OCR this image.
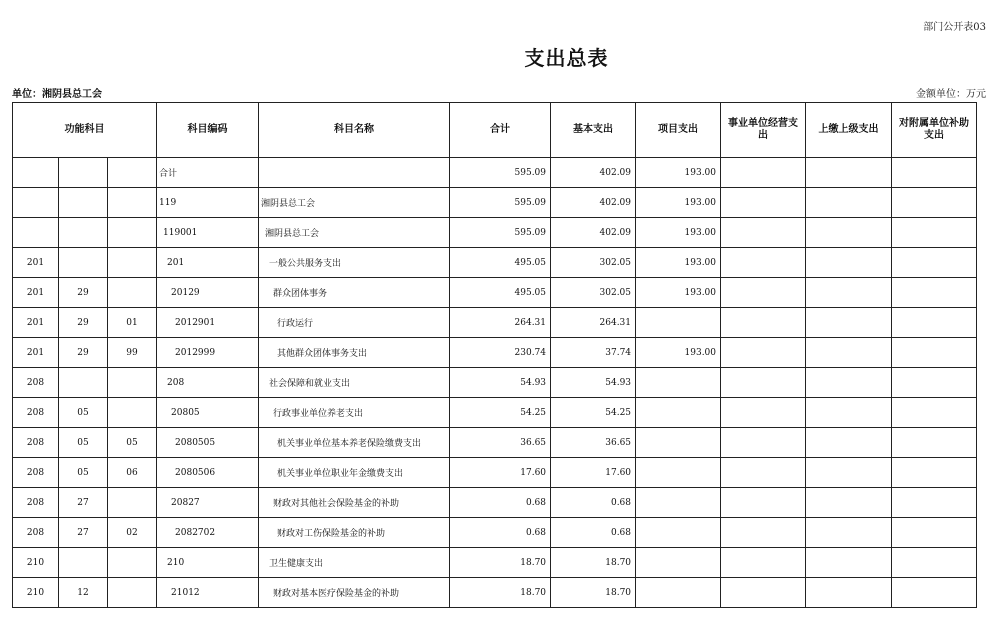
部门公开表03
支出总表
单位：湘阴县总工会	金额单位：万元
功能科目			科目编码	科目名称	合计	基本支出	项目支出	事业单位经营支出	上缴上级支出	对附属单位补助支出
			合计		595.09	402.09	193.00			
			119	湘阴县总工会	595.09	402.09	193.00			
			119001	湘阴县总工会	595.09	402.09	193.00			
201			201	一般公共服务支出	495.05	302.05	193.00			
201	29		20129	群众团体事务	495.05	302.05	193.00			
201	29	01	2012901	行政运行	264.31	264.31				
201	29	99	2012999	其他群众团体事务支出	230.74	37.74	193.00			
208			208	社会保障和就业支出	54.93	54.93				
208	05		20805	行政事业单位养老支出	54.25	54.25				
208	05	05	2080505	机关事业单位基本养老保险缴费支出	36.65	36.65				
208	05	06	2080506	机关事业单位职业年金缴费支出	17.60	17.60				
208	27		20827	财政对其他社会保险基金的补助	0.68	0.68				
208	27	02	2082702	财政对工伤保险基金的补助	0.68	0.68				
210			210	卫生健康支出	18.70	18.70				
210	12		21012	财政对基本医疗保险基金的补助	18.70	18.70				
